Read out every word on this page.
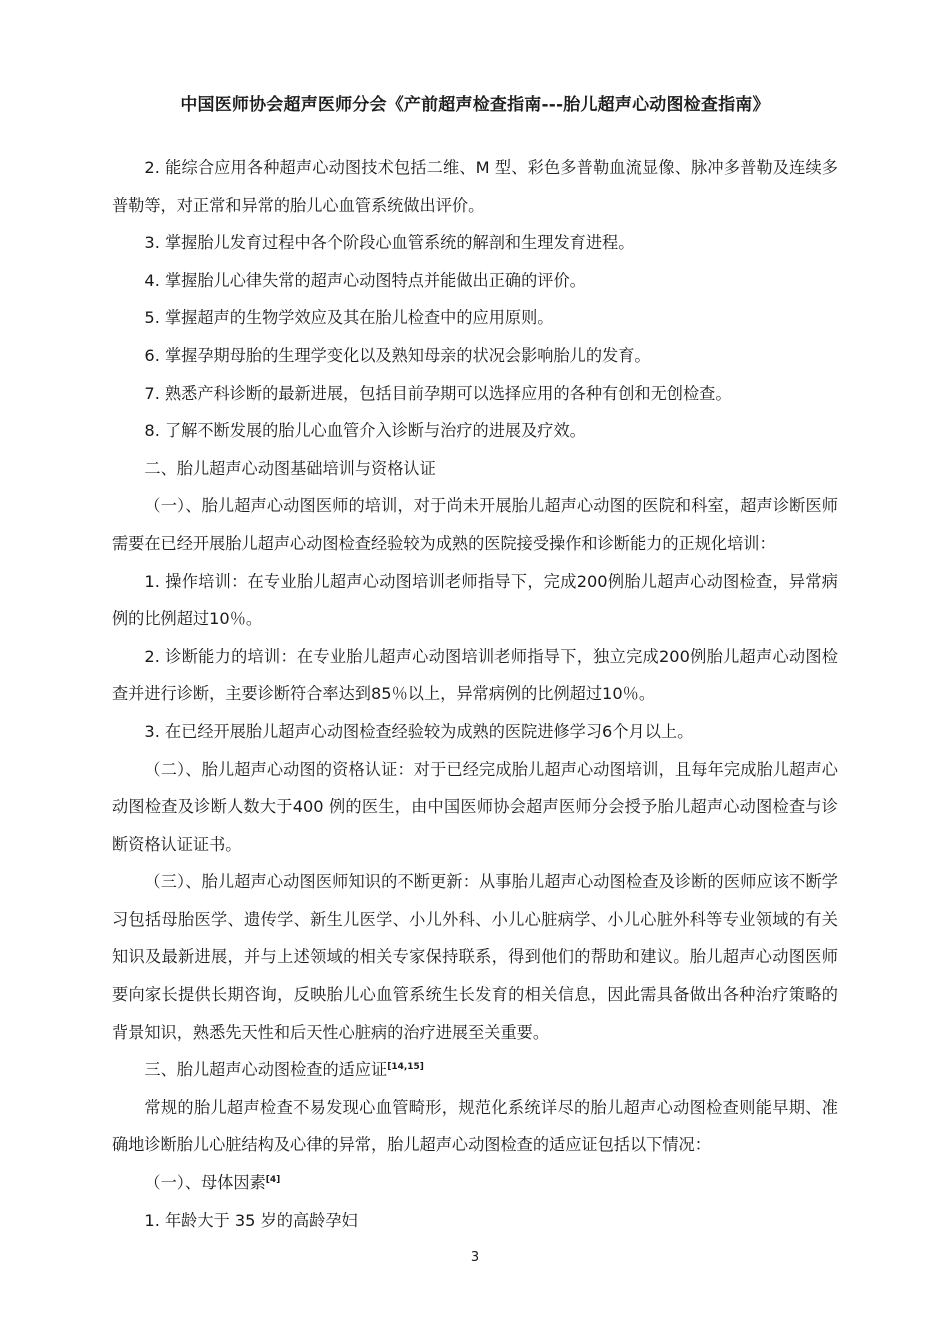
中国医师协会超声医师分会《产前超声检查指南---胎儿超声心动图检查指南》

2. 能综合应用各种超声心动图技术包括二维、M 型、彩色多普勒血流显像、脉冲多普勒及连续多普勒等，对正常和异常的胎儿心血管系统做出评价。

3. 掌握胎儿发育过程中各个阶段心血管系统的解剖和生理发育进程。

4. 掌握胎儿心律失常的超声心动图特点并能做出正确的评价。

5. 掌握超声的生物学效应及其在胎儿检查中的应用原则。

6. 掌握孕期母胎的生理学变化以及熟知母亲的状况会影响胎儿的发育。

7. 熟悉产科诊断的最新进展，包括目前孕期可以选择应用的各种有创和无创检查。

8. 了解不断发展的胎儿心血管介入诊断与治疗的进展及疗效。

二、胎儿超声心动图基础培训与资格认证

（一）、胎儿超声心动图医师的培训，对于尚未开展胎儿超声心动图的医院和科室，超声诊断医师需要在已经开展胎儿超声心动图检查经验较为成熟的医院接受操作和诊断能力的正规化培训：

1. 操作培训：在专业胎儿超声心动图培训老师指导下，完成200例胎儿超声心动图检查，异常病例的比例超过10％。

2. 诊断能力的培训：在专业胎儿超声心动图培训老师指导下，独立完成200例胎儿超声心动图检查并进行诊断，主要诊断符合率达到85％以上，异常病例的比例超过10％。

3. 在已经开展胎儿超声心动图检查经验较为成熟的医院进修学习6个月以上。

（二）、胎儿超声心动图的资格认证：对于已经完成胎儿超声心动图培训，且每年完成胎儿超声心动图检查及诊断人数大于400 例的医生，由中国医师协会超声医师分会授予胎儿超声心动图检查与诊断资格认证证书。

（三）、胎儿超声心动图医师知识的不断更新：从事胎儿超声心动图检查及诊断的医师应该不断学习包括母胎医学、遗传学、新生儿医学、小儿外科、小儿心脏病学、小儿心脏外科等专业领域的有关知识及最新进展，并与上述领域的相关专家保持联系，得到他们的帮助和建议。胎儿超声心动图医师要向家长提供长期咨询，反映胎儿心血管系统生长发育的相关信息，因此需具备做出各种治疗策略的背景知识，熟悉先天性和后天性心脏病的治疗进展至关重要。

三、胎儿超声心动图检查的适应证[14,15]

常规的胎儿超声检查不易发现心血管畸形，规范化系统详尽的胎儿超声心动图检查则能早期、准确地诊断胎儿心脏结构及心律的异常，胎儿超声心动图检查的适应证包括以下情况：

（一）、母体因素[4]

1. 年龄大于 35 岁的高龄孕妇

3
